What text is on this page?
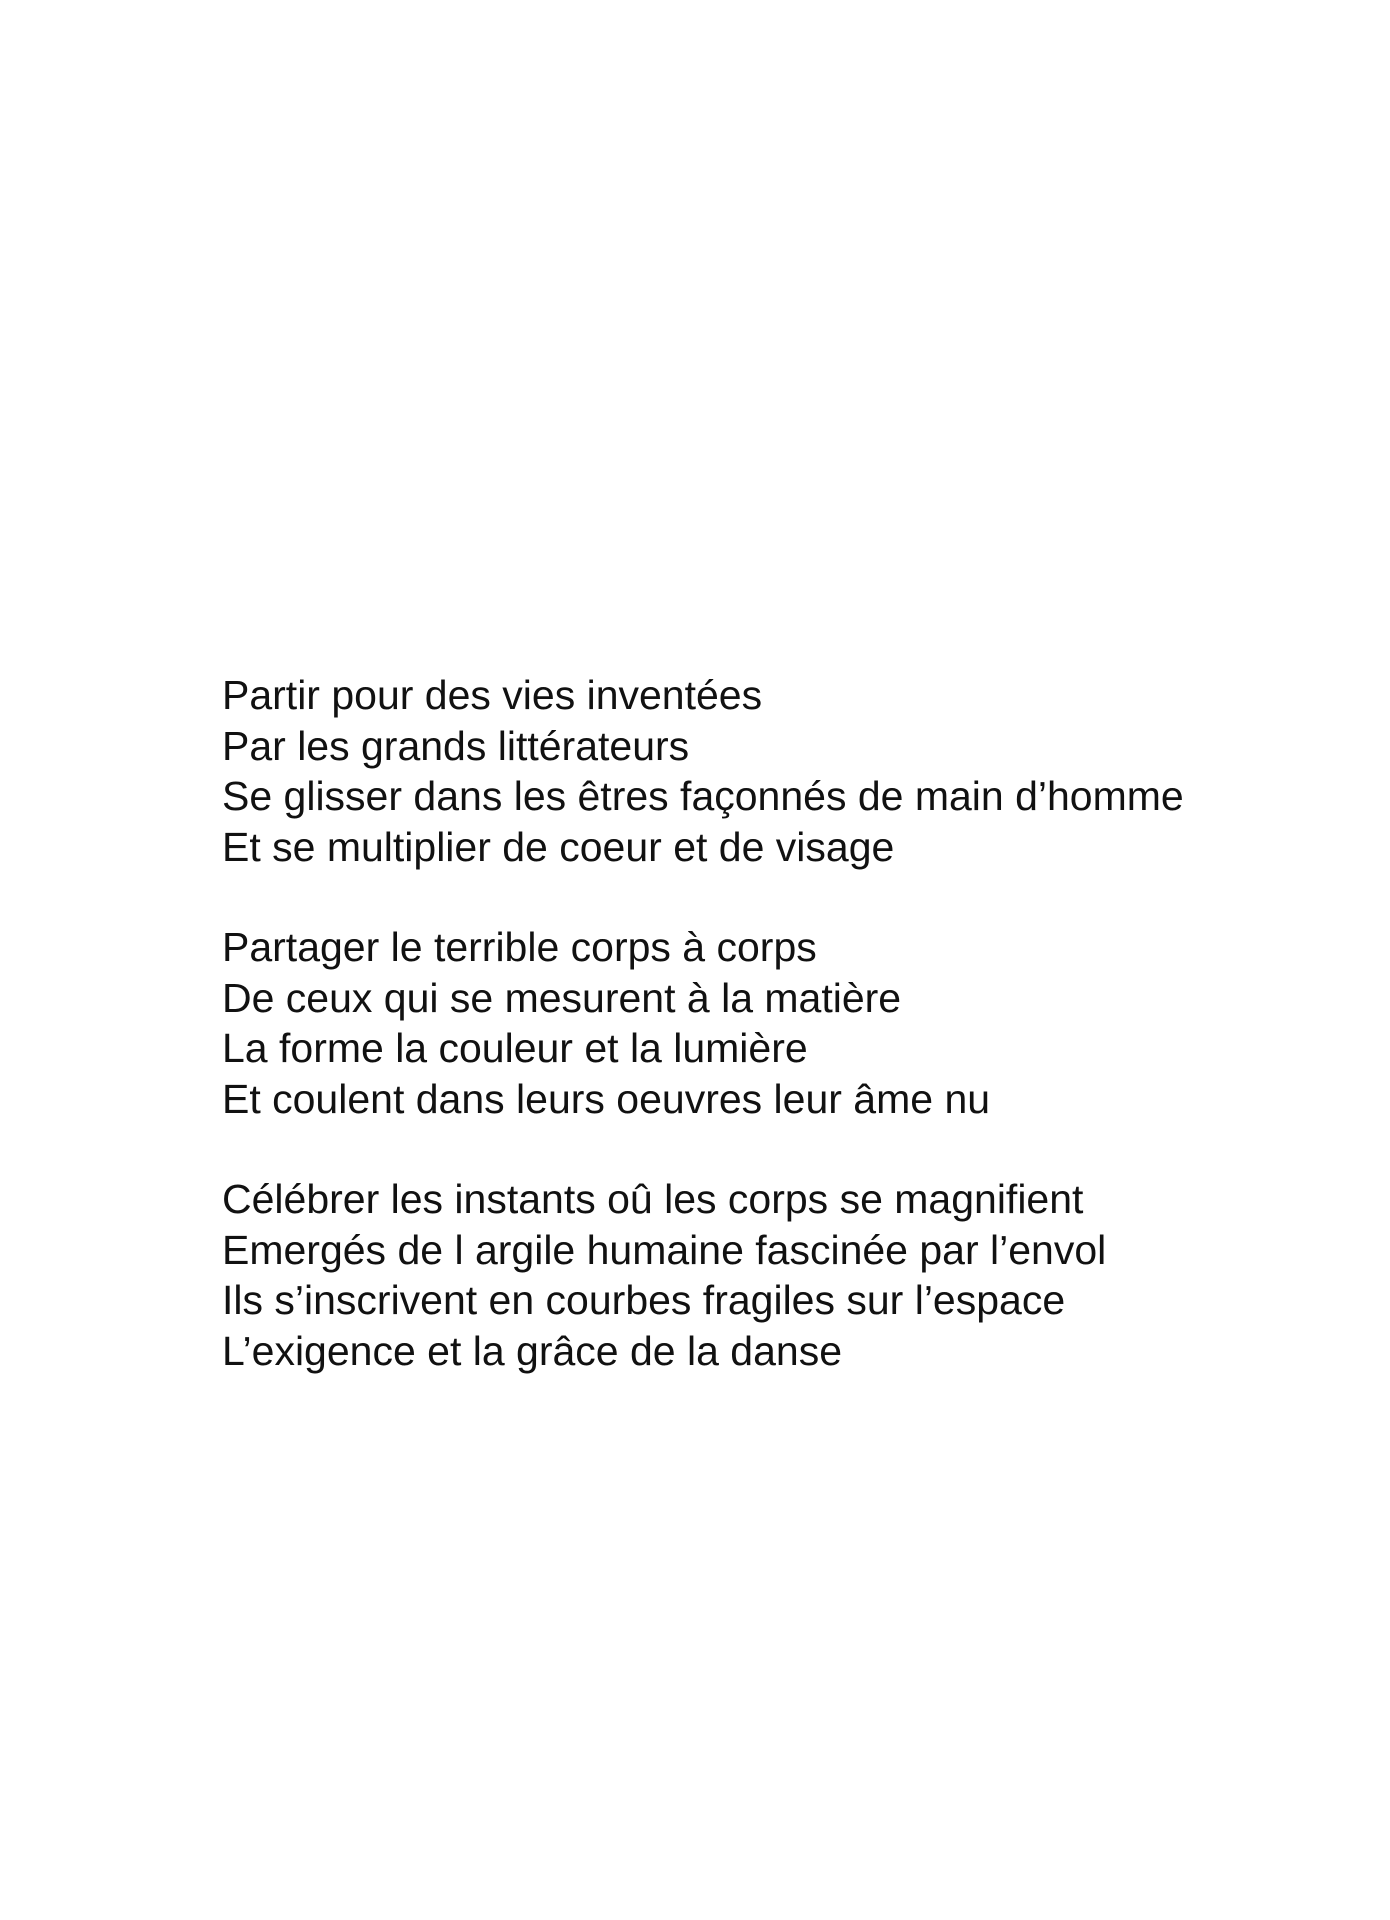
Partir pour des vies inventées
Par les grands littérateurs
Se glisser dans les êtres façonnés de main d’homme
Et se multiplier de coeur et de visage
Partager le terrible corps à corps
De ceux qui se mesurent à la matière
La forme la couleur et la lumière
Et coulent dans leurs oeuvres leur âme nu
Célébrer les instants oû les corps se magnifient
Emergés de l argile humaine fascinée par l’envol
Ils s’inscrivent en courbes fragiles sur l’espace
L’exigence et la grâce de la danse
